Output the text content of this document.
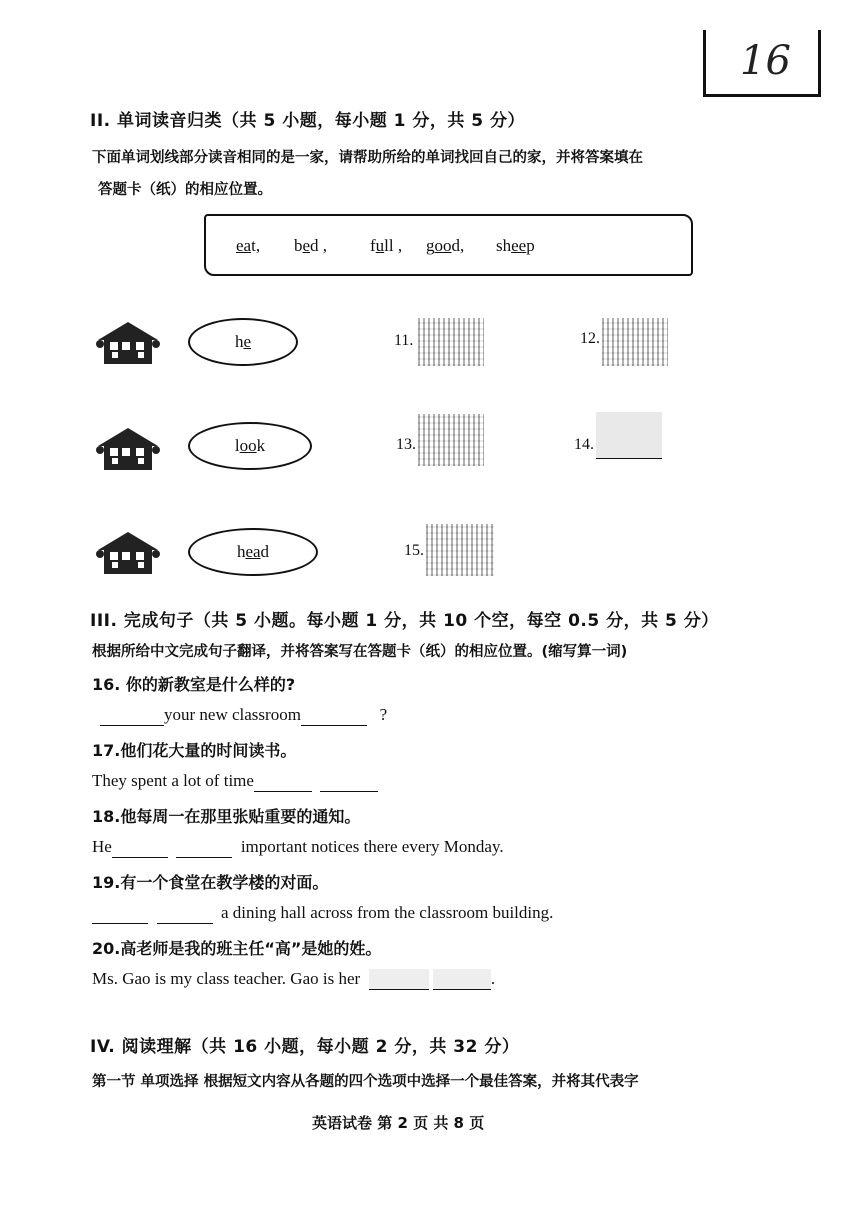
16
II. 单词读音归类（共 5 小题，每小题 1 分，共 5 分）
下面单词划线部分读音相同的是一家，请帮助所给的单词找回自己的家，并将答案填在
答题卡（纸）的相应位置。
eat, bed ,	full , good, sheep
h e
l oo k
h ea d
11.	12.
13.	14.
15.
III. 完成句子（共 5 小题。每小题 1 分，共 10 个空，每空 0.5 分，共 5 分）
根据所给中文完成句子翻译，并将答案写在答题卡（纸）的相应位置。(缩写算一词)
16. 你的新教室是什么样的?
your new classroom	?
17.他们花大量的时间读书。
They spent a lot of time
18.他每周一在那里张贴重要的通知。
He	important notices there every Monday.
19.有一个食堂在教学楼的对面。
a dining hall across from the classroom building.
20.高老师是我的班主任“高”是她的姓。
Ms. Gao is my class teacher. Gao is her	.
IV. 阅读理解（共 16 小题，每小题 2 分，共 32 分）
第一节 单项选择 根据短文内容从各题的四个选项中选择一个最佳答案，并将其代表字
英语试卷 第 2 页 共 8 页
